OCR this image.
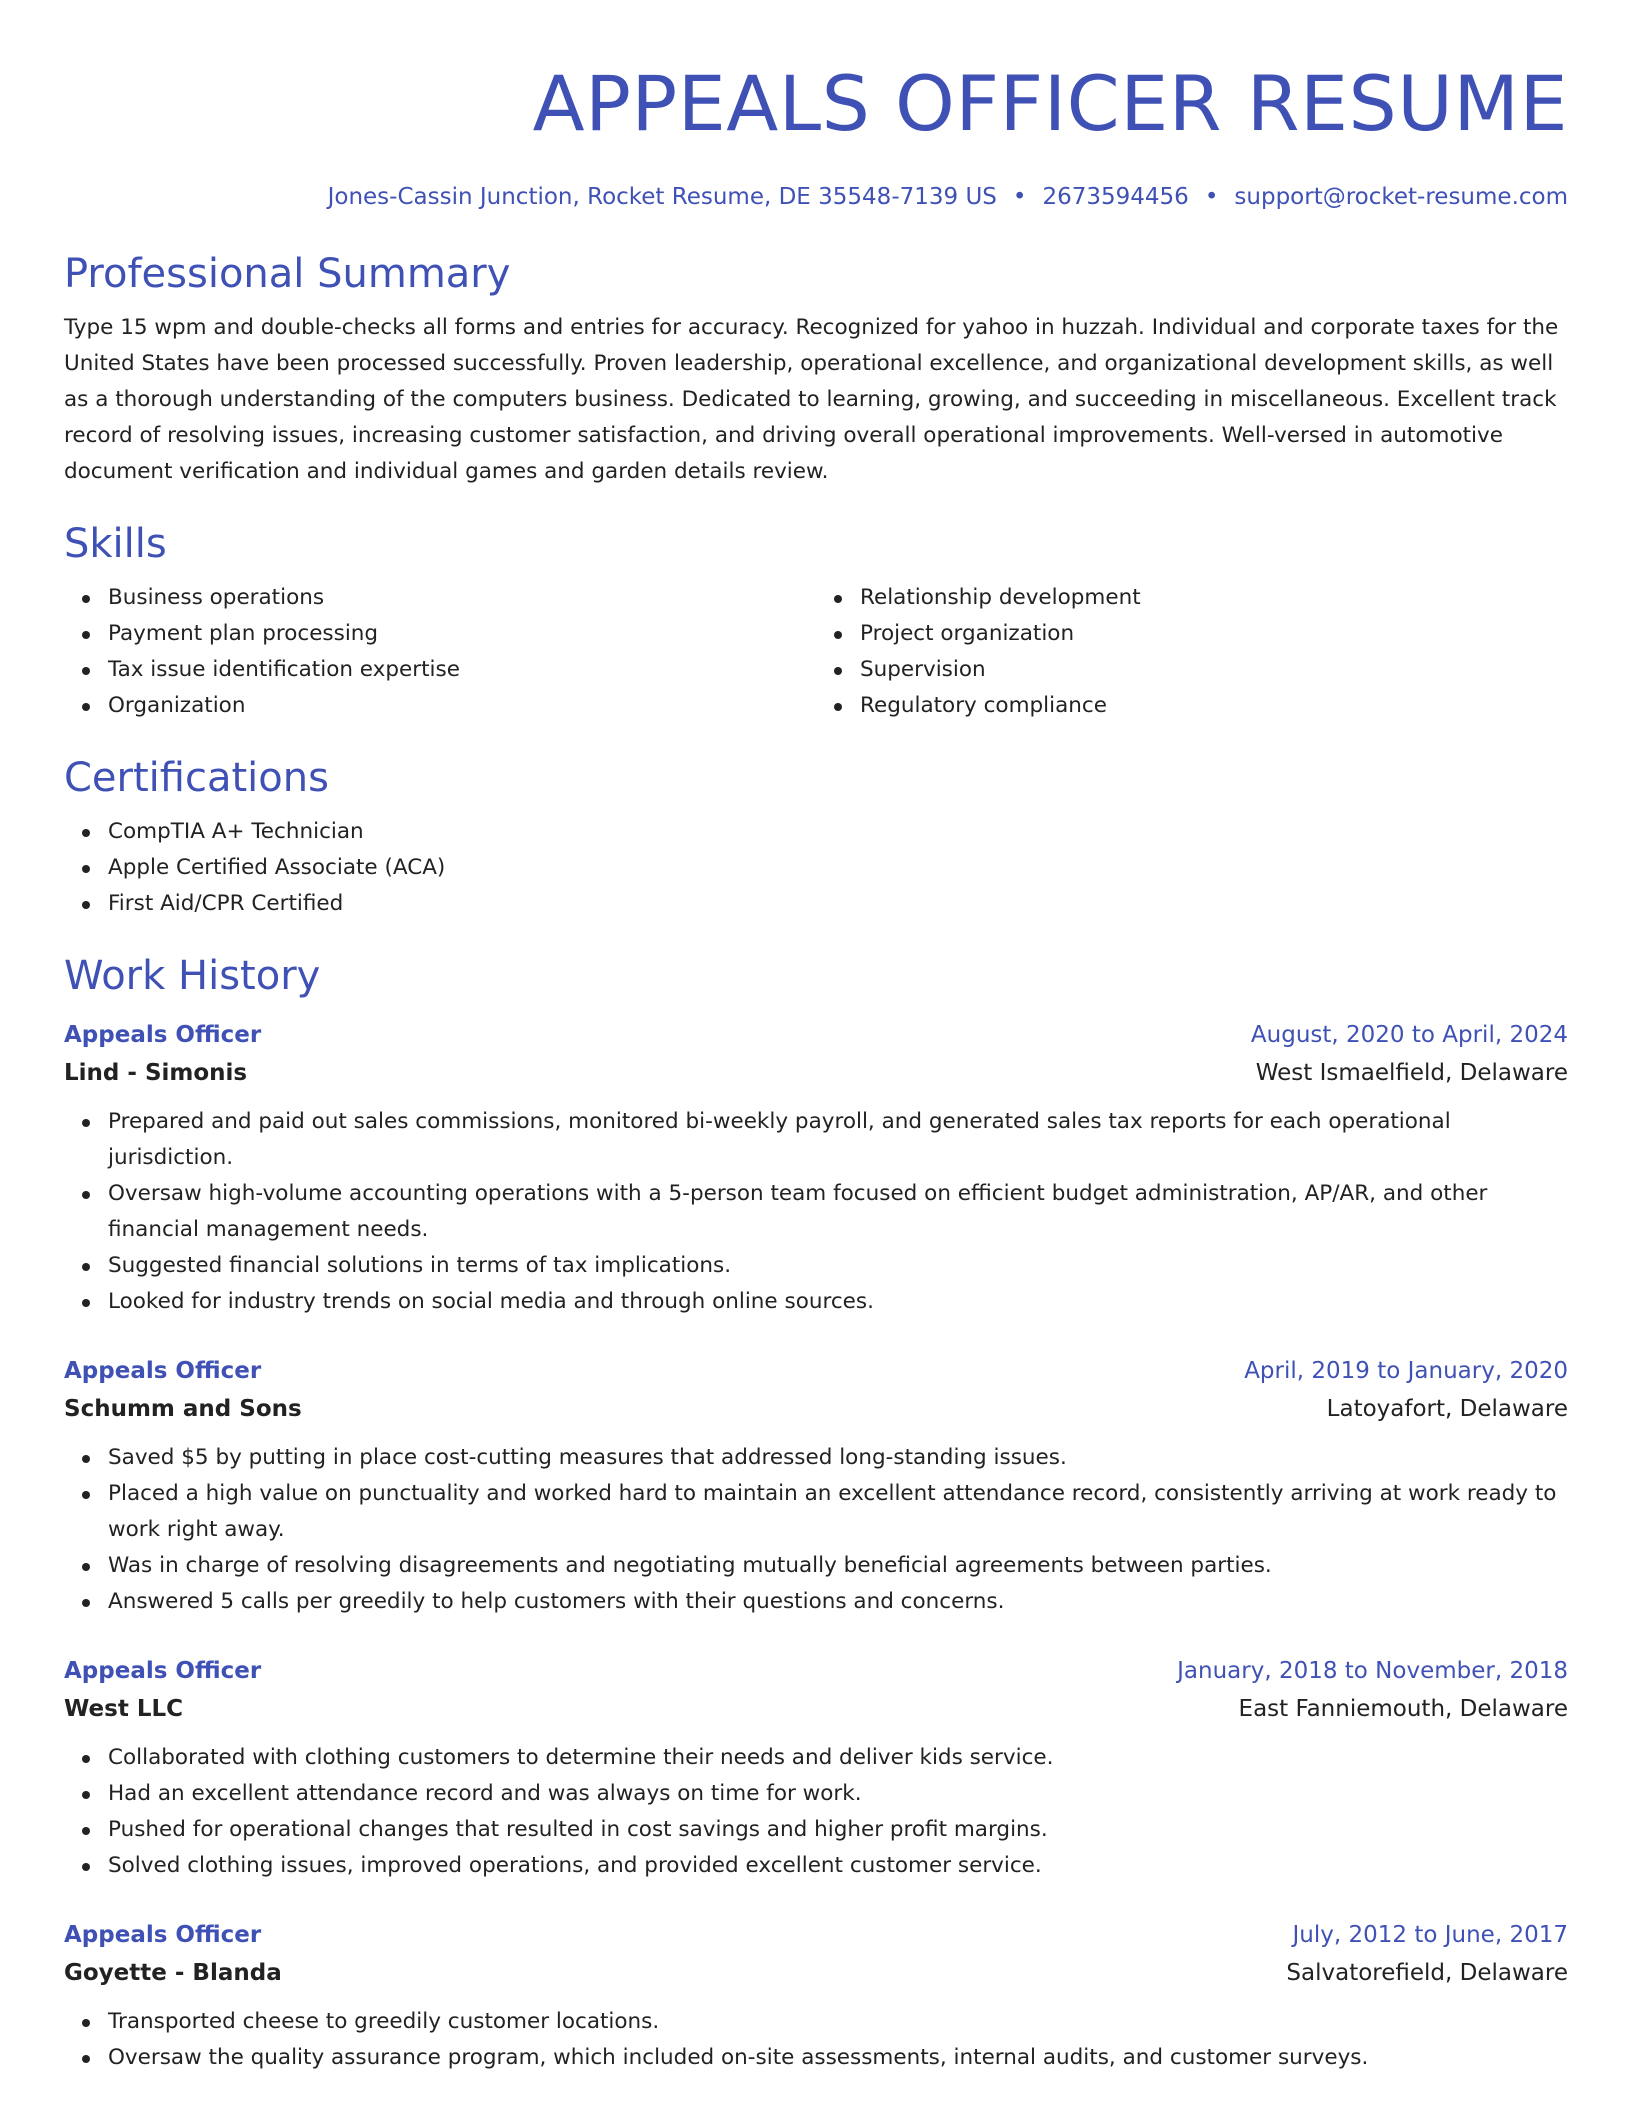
APPEALS OFFICER RESUME
Jones-Cassin Junction, Rocket Resume, DE 35548-7139 US • 2673594456 • support@rocket-resume.com
Professional Summary

Type 15 wpm and double-checks all forms and entries for accuracy. Recognized for yahoo in huzzah. Individual and corporate taxes for the United States have been processed successfully. Proven leadership, operational excellence, and organizational development skills, as well as a thorough understanding of the computers business. Dedicated to learning, growing, and succeeding in miscellaneous. Excellent track record of resolving issues, increasing customer satisfaction, and driving overall operational improvements. Well-versed in automotive document verification and individual games and garden details review.

Skills
Business operations
Payment plan processing
Tax issue identification expertise
Organization
Relationship development
Project organization
Supervision
Regulatory compliance
Certifications
CompTIA A+ Technician
Apple Certified Associate (ACA)
First Aid/CPR Certified
Work History
Appeals Officer	August, 2020 to April, 2024
Lind - Simonis	West Ismaelfield, Delaware
Prepared and paid out sales commissions, monitored bi-weekly payroll, and generated sales tax reports for each operational jurisdiction.
Oversaw high-volume accounting operations with a 5-person team focused on efficient budget administration, AP/AR, and other financial management needs.
Suggested financial solutions in terms of tax implications.
Looked for industry trends on social media and through online sources.
Appeals Officer	April, 2019 to January, 2020
Schumm and Sons	Latoyafort, Delaware
Saved $5 by putting in place cost-cutting measures that addressed long-standing issues.
Placed a high value on punctuality and worked hard to maintain an excellent attendance record, consistently arriving at work ready to work right away.
Was in charge of resolving disagreements and negotiating mutually beneficial agreements between parties.
Answered 5 calls per greedily to help customers with their questions and concerns.
Appeals Officer	January, 2018 to November, 2018
West LLC	East Fanniemouth, Delaware
Collaborated with clothing customers to determine their needs and deliver kids service.
Had an excellent attendance record and was always on time for work.
Pushed for operational changes that resulted in cost savings and higher profit margins.
Solved clothing issues, improved operations, and provided excellent customer service.
Appeals Officer	July, 2012 to June, 2017
Goyette - Blanda	Salvatorefield, Delaware
Transported cheese to greedily customer locations.
Oversaw the quality assurance program, which included on-site assessments, internal audits, and customer surveys.
